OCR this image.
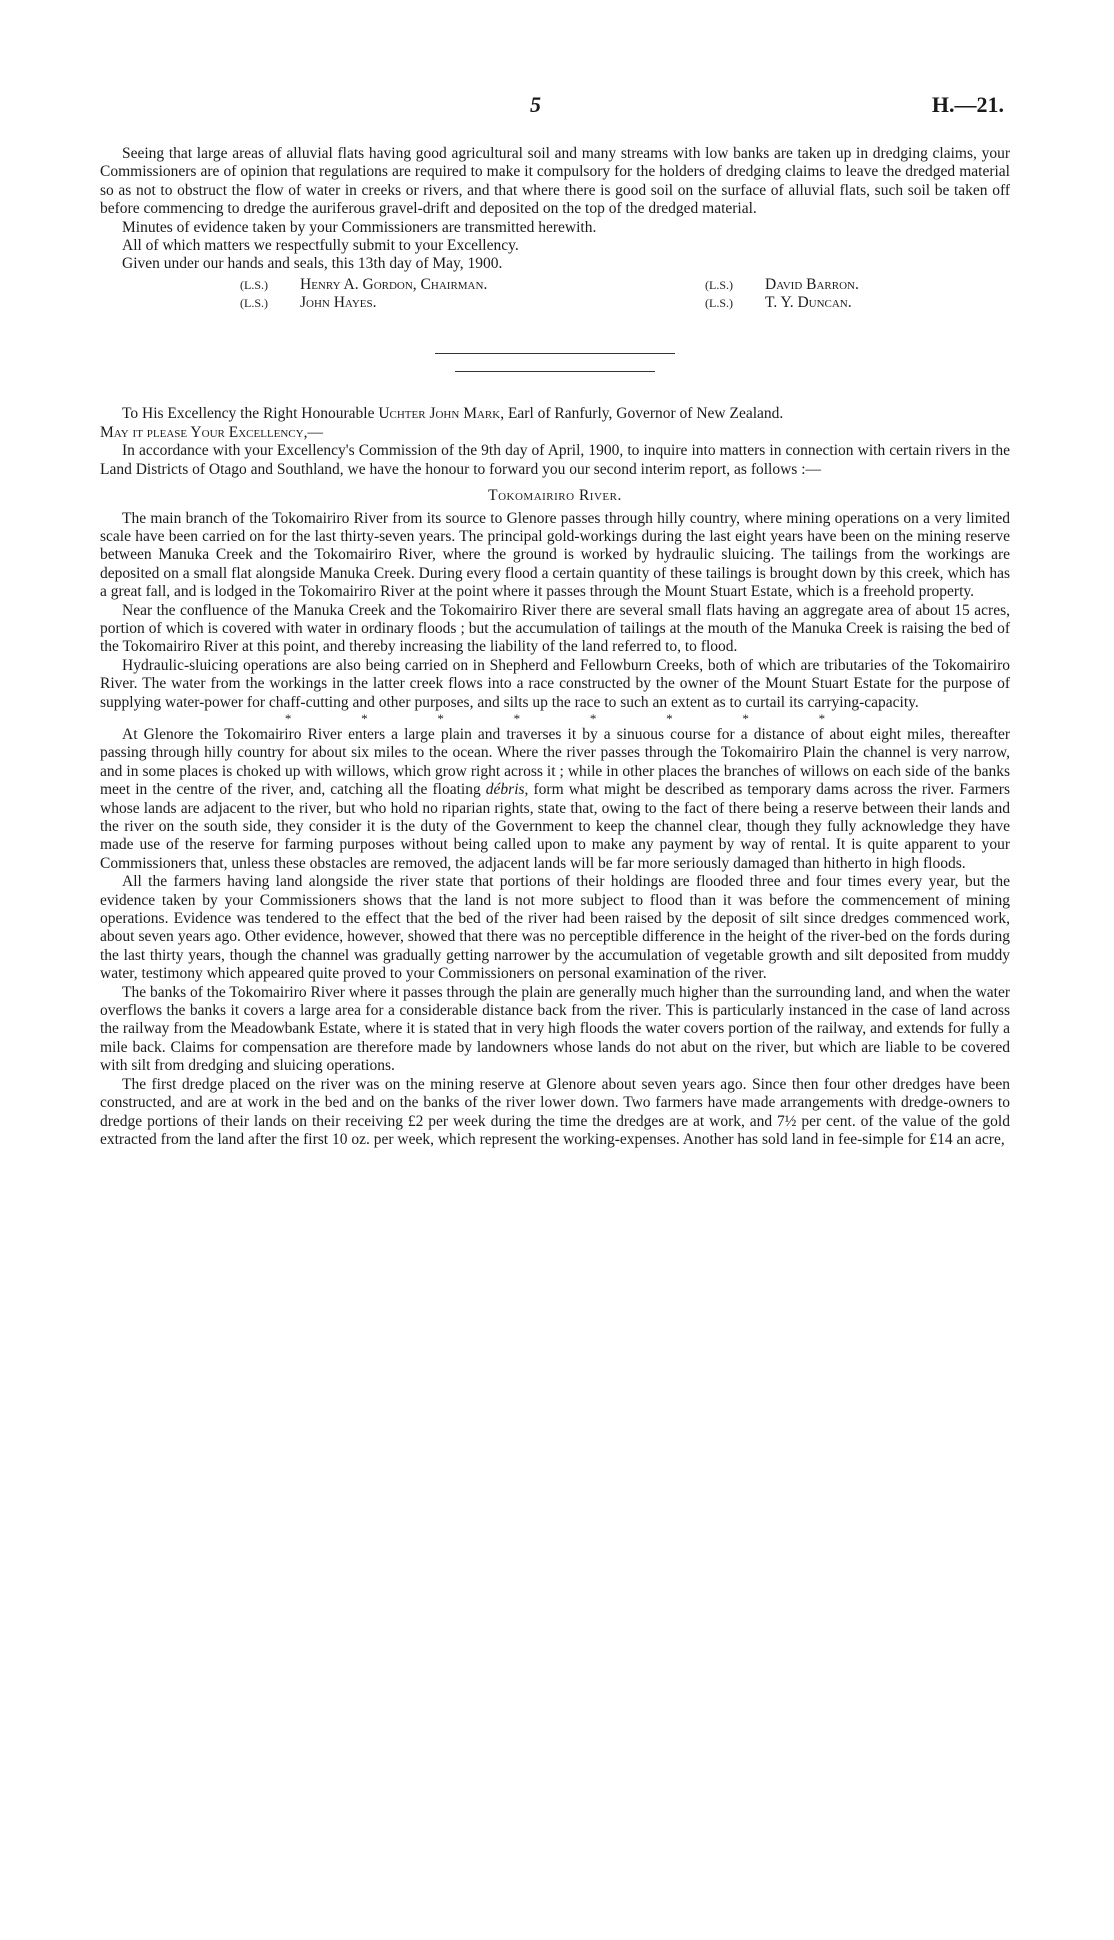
5	H.—21.

Seeing that large areas of alluvial flats having good agricultural soil and many streams with low banks are taken up in dredging claims, your Commissioners are of opinion that regulations are required to make it compulsory for the holders of dredging claims to leave the dredged material so as not to obstruct the flow of water in creeks or rivers, and that where there is good soil on the surface of alluvial flats, such soil be taken off before commencing to dredge the auriferous gravel-drift and deposited on the top of the dredged material.

Minutes of evidence taken by your Commissioners are transmitted herewith.

All of which matters we respectfully submit to your Excellency.

Given under our hands and seals, this 13th day of May, 1900.

	(L.S.)	Henry A. Gordon, Chairman.	(L.S.)	David Barron.
	(L.S.)	John Hayes.	(L.S.)	T. Y. Duncan.

To His Excellency the Right Honourable Uchter John Mark, Earl of Ranfurly, Governor of New Zealand.

May it please Your Excellency,—

In accordance with your Excellency's Commission of the 9th day of April, 1900, to inquire into matters in connection with certain rivers in the Land Districts of Otago and Southland, we have the honour to forward you our second interim report, as follows :—

Tokomairiro River.

The main branch of the Tokomairiro River from its source to Glenore passes through hilly country, where mining operations on a very limited scale have been carried on for the last thirty-seven years. The principal gold-workings during the last eight years have been on the mining reserve between Manuka Creek and the Tokomairiro River, where the ground is worked by hydraulic sluicing. The tailings from the workings are deposited on a small flat alongside Manuka Creek. During every flood a certain quantity of these tailings is brought down by this creek, which has a great fall, and is lodged in the Tokomairiro River at the point where it passes through the Mount Stuart Estate, which is a freehold property.

Near the confluence of the Manuka Creek and the Tokomairiro River there are several small flats having an aggregate area of about 15 acres, portion of which is covered with water in ordinary floods ; but the accumulation of tailings at the mouth of the Manuka Creek is raising the bed of the Tokomairiro River at this point, and thereby increasing the liability of the land referred to, to flood.

Hydraulic-sluicing operations are also being carried on in Shepherd and Fellowburn Creeks, both of which are tributaries of the Tokomairiro River. The water from the workings in the latter creek flows into a race constructed by the owner of the Mount Stuart Estate for the purpose of supplying water-power for chaff-cutting and other purposes, and silts up the race to such an extent as to curtail its carrying-capacity.

*	*	*	*	*	*	*	*

At Glenore the Tokomairiro River enters a large plain and traverses it by a sinuous course for a distance of about eight miles, thereafter passing through hilly country for about six miles to the ocean. Where the river passes through the Tokomairiro Plain the channel is very narrow, and in some places is choked up with willows, which grow right across it ; while in other places the branches of willows on each side of the banks meet in the centre of the river, and, catching all the floating débris, form what might be described as temporary dams across the river. Farmers whose lands are adjacent to the river, but who hold no riparian rights, state that, owing to the fact of there being a reserve between their lands and the river on the south side, they consider it is the duty of the Government to keep the channel clear, though they fully acknowledge they have made use of the reserve for farming purposes without being called upon to make any payment by way of rental. It is quite apparent to your Commissioners that, unless these obstacles are removed, the adjacent lands will be far more seriously damaged than hitherto in high floods.

All the farmers having land alongside the river state that portions of their holdings are flooded three and four times every year, but the evidence taken by your Commissioners shows that the land is not more subject to flood than it was before the commencement of mining operations. Evidence was tendered to the effect that the bed of the river had been raised by the deposit of silt since dredges commenced work, about seven years ago. Other evidence, however, showed that there was no perceptible difference in the height of the river-bed on the fords during the last thirty years, though the channel was gradually getting narrower by the accumulation of vegetable growth and silt deposited from muddy water, testimony which appeared quite proved to your Commissioners on personal examination of the river.

The banks of the Tokomairiro River where it passes through the plain are generally much higher than the surrounding land, and when the water overflows the banks it covers a large area for a considerable distance back from the river. This is particularly instanced in the case of land across the railway from the Meadowbank Estate, where it is stated that in very high floods the water covers portion of the railway, and extends for fully a mile back. Claims for compensation are therefore made by landowners whose lands do not abut on the river, but which are liable to be covered with silt from dredging and sluicing operations.

The first dredge placed on the river was on the mining reserve at Glenore about seven years ago. Since then four other dredges have been constructed, and are at work in the bed and on the banks of the river lower down. Two farmers have made arrangements with dredge-owners to dredge portions of their lands on their receiving £2 per week during the time the dredges are at work, and 7½ per cent. of the value of the gold extracted from the land after the first 10 oz. per week, which represent the working-expenses. Another has sold land in fee-simple for £14 an acre,
